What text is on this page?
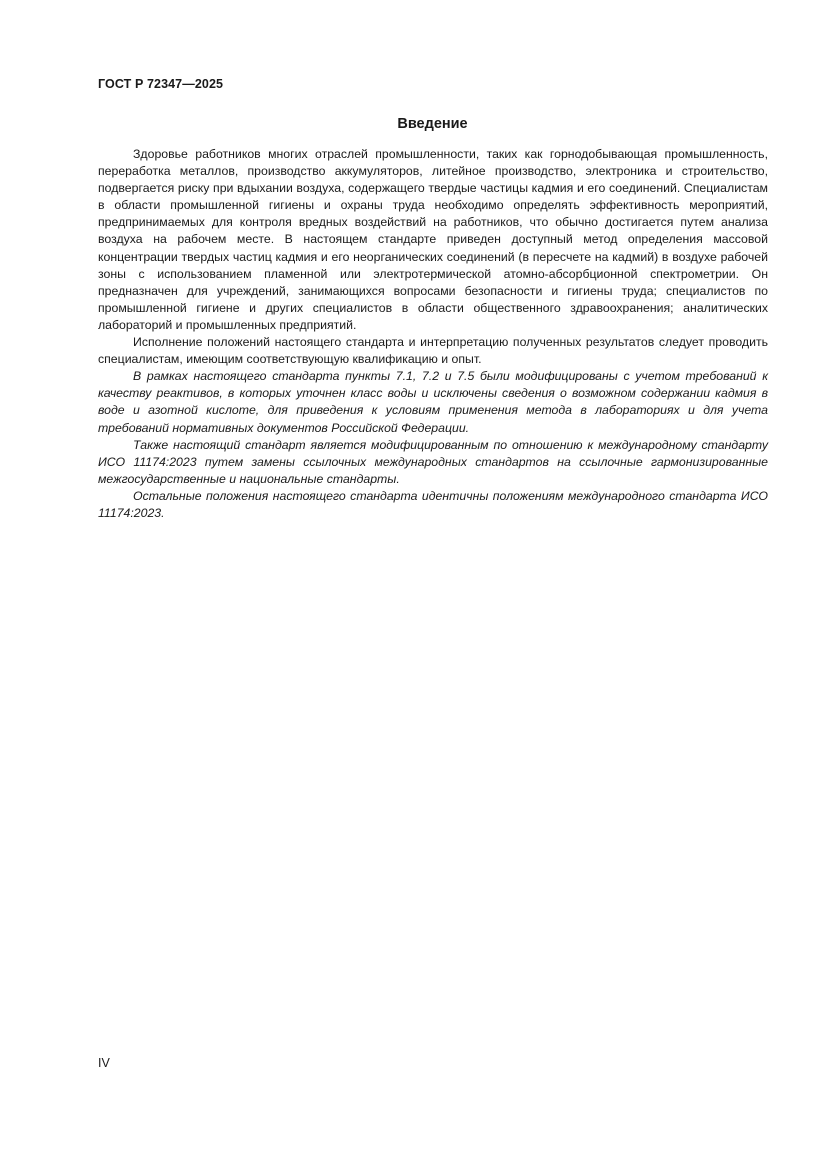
ГОСТ Р 72347—2025
Введение

Здоровье работников многих отраслей промышленности, таких как горнодобывающая промышленность, переработка металлов, производство аккумуляторов, литейное производство, электроника и строительство, подвергается риску при вдыхании воздуха, содержащего твердые частицы кадмия и его соединений. Специалистам в области промышленной гигиены и охраны труда необходимо определять эффективность мероприятий, предпринимаемых для контроля вредных воздействий на работников, что обычно достигается путем анализа воздуха на рабочем месте. В настоящем стандарте приведен доступный метод определения массовой концентрации твердых частиц кадмия и его неорганических соединений (в пересчете на кадмий) в воздухе рабочей зоны с использованием пламенной или электротермической атомно-абсорбционной спектрометрии. Он предназначен для учреждений, занимающихся вопросами безопасности и гигиены труда; специалистов по промышленной гигиене и других специалистов в области общественного здравоохранения; аналитических лабораторий и промышленных предприятий.

Исполнение положений настоящего стандарта и интерпретацию полученных результатов следует проводить специалистам, имеющим соответствующую квалификацию и опыт.

В рамках настоящего стандарта пункты 7.1, 7.2 и 7.5 были модифицированы с учетом требований к качеству реактивов, в которых уточнен класс воды и исключены сведения о возможном содержании кадмия в воде и азотной кислоте, для приведения к условиям применения метода в лабораториях и для учета требований нормативных документов Российской Федерации.

Также настоящий стандарт является модифицированным по отношению к международному стандарту ИСО 11174:2023 путем замены ссылочных международных стандартов на ссылочные гармонизированные межгосударственные и национальные стандарты.

Остальные положения настоящего стандарта идентичны положениям международного стандарта ИСО 11174:2023.

IV
